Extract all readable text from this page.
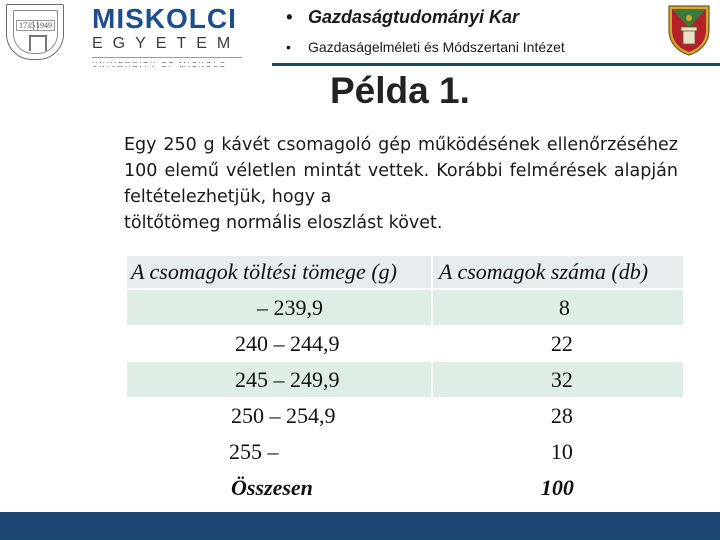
1735 1949 MISKOLCI
EGYETEM
• Gazdaságtudományi Kar
•	Gazdaságelméleti és Módszertani Intézet
Példa 1.
Egy 250 g kávét csomagoló gép működésének ellenőrzéséhez 100 elemű véletlen mintát vettek. Korábbi felmérések alapján feltételezhetjük, hogy a
töltőtömeg normális eloszlást követ.
A csomagok töltési tömege (g) A csomagok száma (db)
– 239,9	8
240 – 244,9	22
245 – 249,9	32
250 – 254,9	28
255 –	10
Összesen	100
